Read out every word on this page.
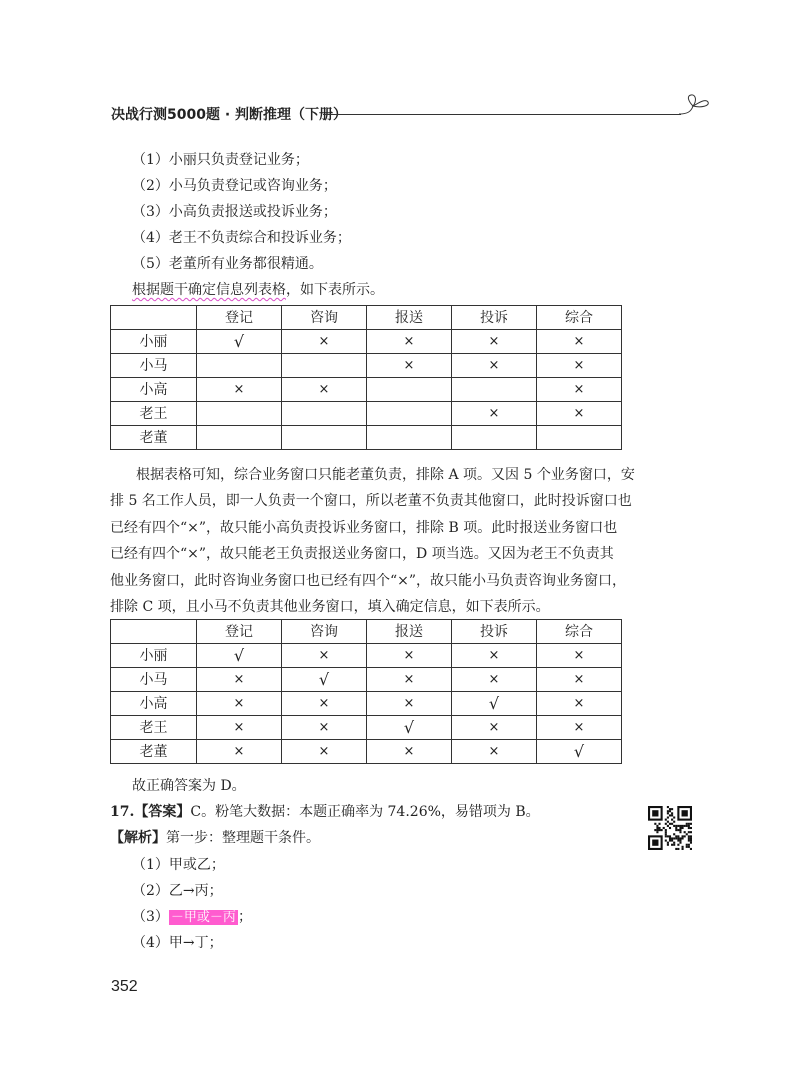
决战行测5000题 · 判断推理（下册）
（1）小丽只负责登记业务；
（2）小马负责登记或咨询业务；
（3）小高负责报送或投诉业务；
（4）老王不负责综合和投诉业务；
（5）老董所有业务都很精通。
根据题干确定信息列表格，如下表所示。
	登记	咨询	报送	投诉	综合
小丽	√	×	×	×	×
小马			×	×	×
小高	×	×			×
老王				×	×
老董					

根据表格可知，综合业务窗口只能老董负责，排除 A 项。又因 5 个业务窗口，安

排 5 名工作人员，即一人负责一个窗口，所以老董不负责其他窗口，此时投诉窗口也

已经有四个“×”，故只能小高负责投诉业务窗口，排除 B 项。此时报送业务窗口也

已经有四个“×”，故只能老王负责报送业务窗口，D 项当选。又因为老王不负责其

他业务窗口，此时咨询业务窗口也已经有四个“×”，故只能小马负责咨询业务窗口，

排除 C 项，且小马不负责其他业务窗口，填入确定信息，如下表所示。

	登记	咨询	报送	投诉	综合
小丽	√	×	×	×	×
小马	×	√	×	×	×
小高	×	×	×	√	×
老王	×	×	√	×	×
老董	×	×	×	×	√
故正确答案为 D。
17.【答案】C。粉笔大数据：本题正确率为 74.26%，易错项为 B。
【解析】第一步：整理题干条件。
（1）甲或乙；
（2）乙→丙；
（3） －甲或－丙 ；
（4）甲→丁；
352
